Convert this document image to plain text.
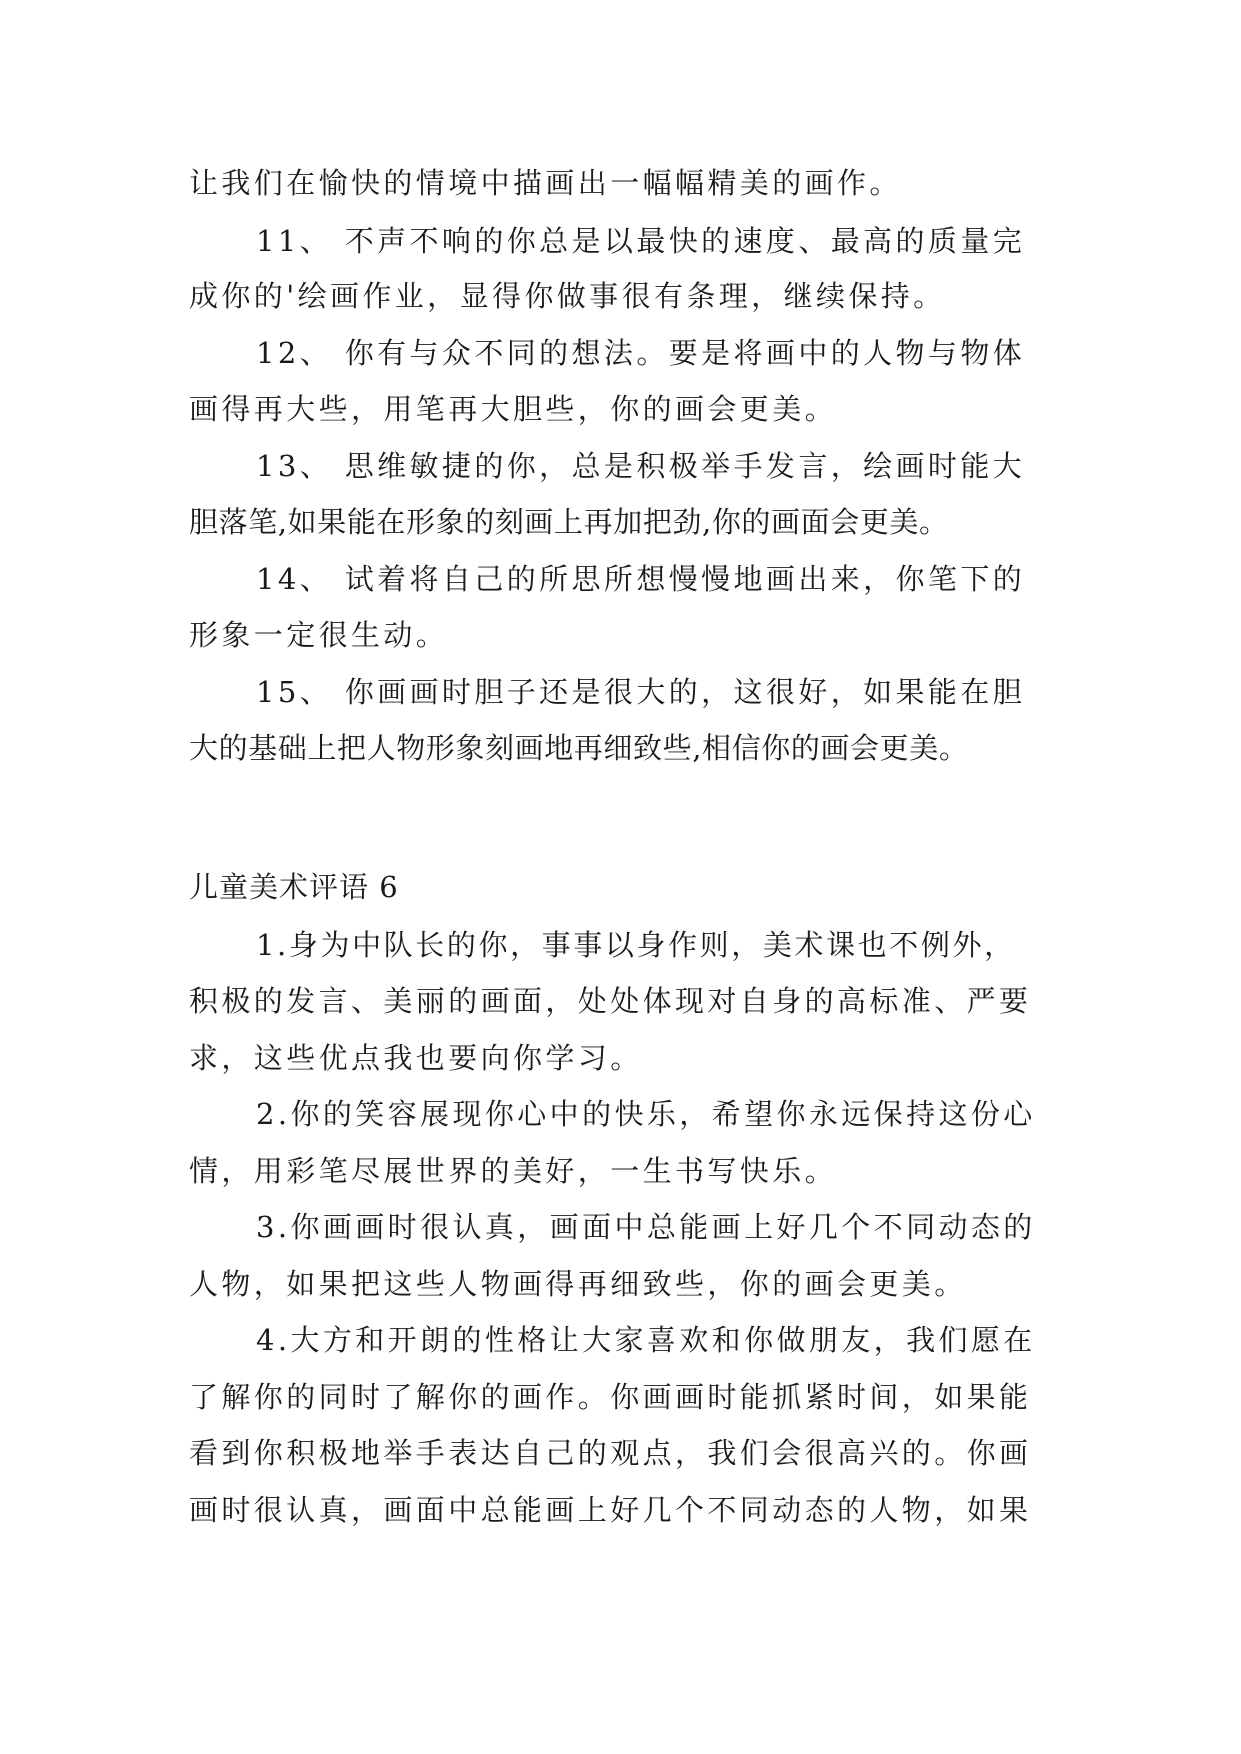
让我们在愉快的情境中描画出一幅幅精美的画作。

11、 不声不响的你总是以最快的速度、最高的质量完

成你的'绘画作业，显得你做事很有条理，继续保持。

12、 你有与众不同的想法。要是将画中的人物与物体

画得再大些，用笔再大胆些，你的画会更美。

13、 思维敏捷的你，总是积极举手发言，绘画时能大

胆落笔,如果能在形象的刻画上再加把劲,你的画面会更美。

14、 试着将自己的所思所想慢慢地画出来，你笔下的

形象一定很生动。

15、 你画画时胆子还是很大的，这很好，如果能在胆

大的基础上把人物形象刻画地再细致些,相信你的画会更美。

儿童美术评语 6

1.身为中队长的你，事事以身作则，美术课也不例外，

积极的发言、美丽的画面，处处体现对自身的高标准、严要

求，这些优点我也要向你学习。

2.你的笑容展现你心中的快乐，希望你永远保持这份心

情，用彩笔尽展世界的美好，一生书写快乐。

3.你画画时很认真，画面中总能画上好几个不同动态的

人物，如果把这些人物画得再细致些，你的画会更美。

4.大方和开朗的性格让大家喜欢和你做朋友，我们愿在

了解你的同时了解你的画作。你画画时能抓紧时间，如果能

看到你积极地举手表达自己的观点，我们会很高兴的。你画

画时很认真，画面中总能画上好几个不同动态的人物，如果
